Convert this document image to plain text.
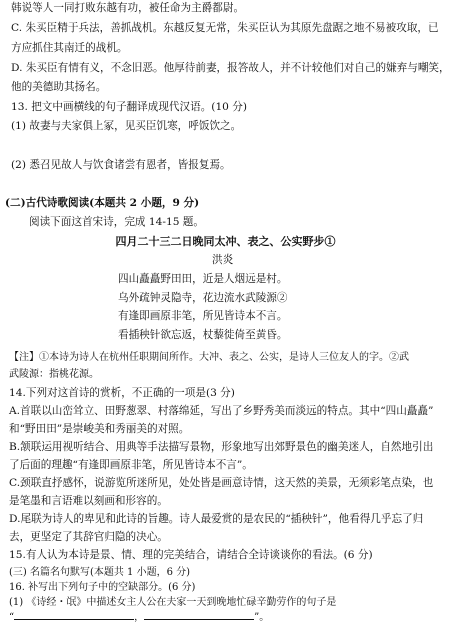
韩说等人一同打败东越有功，被任命为主爵都尉。
C. 朱买臣精于兵法，善抓战机。东越反复无常，朱买臣认为其原先盘踞之地不易被攻取，已
方应抓住其南迁的战机。
D. 朱买臣有情有义，不念旧恶。他厚待前妻，报答故人，并不计较他们对自己的嫌弃与嘲笑，
他的美德助其扬名。
13. 把文中画横线的句子翻译成现代汉语。(10 分)
(1) 故妻与夫家俱上冢，见买臣饥寒，呼饭饮之。
(2) 悉召见故人与饮食诸尝有恩者，皆报复焉。
(二)古代诗歌阅读(本题共 2 小题，9 分)
阅读下面这首宋诗，完成 14-15 题。
四月二十三二日晚同太冲、表之、公实野步①
洪炎
四山矗矗野田田，近是人烟远是村。
乌外疏钟灵隐寺，花边流水武陵源②
有逢即画原非笔，所见皆诗本不言。
看插秧针欲忘返，杖藜徙倚至黄昏。
【注】①本诗为诗人在杭州任职期间所作。大冲、表之、公实，是诗人三位友人的字。②武
武陵源：指桃花源。
14.下列对这首诗的赏析，不正确的一项是(3 分)
A.首联以山峦耸立、田野葱翠、村落绵延，写出了乡野秀美而淡远的特点。其中“四山矗矗”
和“野田田”是崇峻美和秀丽美的对照。
B.颔联运用视听结合、用典等手法描写景物，形象地写出郊野景色的幽美迷人，自然地引出
了后面的理趣“有逢即画原非笔，所见皆诗本不言”。
C.颈联直抒感怀，说游览所迷所见，处处皆是画意诗情，这天然的美景，无须彩笔点染，也
是笔墨和言语难以刻画和形容的。
D.尾联为诗人的卑见和此诗的旨趣。诗人最爱赏的是农民的“插秧针”，他看得几乎忘了归
去，更坚定了其辞官归隐的决心。
15.有人认为本诗是景、情、理的完美结合，请结合全诗谈谈你的看法。(6 分)
(三) 名篇名句默写(本题共 1 小题，6 分)
16. 补写出下列句子中的空缺部分。(6 分)
(1) 《诗经・氓》中描述女主人公在夫家一天到晚地忙碌辛勤劳作的句子是
“	，	”。
